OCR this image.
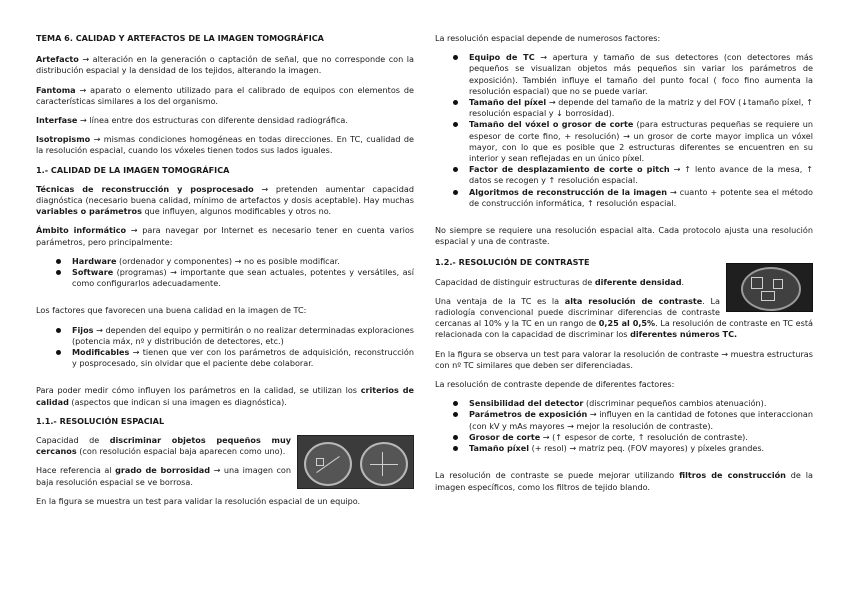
TEMA 6. CALIDAD Y ARTEFACTOS DE LA IMAGEN TOMOGRÁFICA

Artefacto → alteración en la generación o captación de señal, que no corresponde con la distribución espacial y la densidad de los tejidos, alterando la imagen.

Fantoma → aparato o elemento utilizado para el calibrado de equipos con elementos de características similares a los del organismo.

Interfase → línea entre dos estructuras con diferente densidad radiográfica.

Isotropismo → mismas condiciones homogéneas en todas direcciones. En TC, cualidad de la resolución espacial, cuando los vóxeles tienen todos sus lados iguales.

1.- CALIDAD DE LA IMAGEN TOMOGRÁFICA

Técnicas de reconstrucción y posprocesado → pretenden aumentar capacidad diagnóstica (necesario buena calidad, mínimo de artefactos y dosis aceptable). Hay muchas variables o parámetros que influyen, algunos modificables y otros no.

Ámbito informático → para navegar por Internet es necesario tener en cuenta varios parámetros, pero principalmente:

Hardware (ordenador y componentes) → no es posible modificar.
Software (programas) → importante que sean actuales, potentes y versátiles, así como configurarlos adecuadamente.

Los factores que favorecen una buena calidad en la imagen de TC:

Fijos → dependen del equipo y permitirán o no realizar determinadas exploraciones (potencia máx, nº y distribución de detectores, etc.)
Modificables → tienen que ver con los parámetros de adquisición, reconstrucción y posprocesado, sin olvidar que el paciente debe colaborar.

Para poder medir cómo influyen los parámetros en la calidad, se utilizan los criterios de calidad (aspectos que indican si una imagen es diagnóstica).

1.1.- RESOLUCIÓN ESPACIAL

Capacidad de discriminar objetos pequeños muy cercanos (con resolución espacial baja aparecen como uno).

Hace referencia al grado de borrosidad → una imagen con baja resolución espacial se ve borrosa.

En la figura se muestra un test para validar la resolución espacial de un equipo.

La resolución espacial depende de numerosos factores:

Equipo de TC → apertura y tamaño de sus detectores (con detectores más pequeños se visualizan objetos más pequeños sin variar los parámetros de exposición). También influye el tamaño del punto focal ( foco fino aumenta la resolución espacial) que no se puede variar.
Tamaño del píxel → depende del tamaño de la matriz y del FOV (↓tamaño píxel, ↑ resolución espacial y ↓ borrosidad).
Tamaño del vóxel o grosor de corte (para estructuras pequeñas se requiere un espesor de corte fino, + resolución) → un grosor de corte mayor implica un vóxel mayor, con lo que es posible que 2 estructuras diferentes se encuentren en su interior y sean reflejadas en un único píxel.
Factor de desplazamiento de corte o pitch → ↑ lento avance de la mesa, ↑ datos se recogen y ↑ resolución espacial.
Algoritmos de reconstrucción de la imagen → cuanto + potente sea el método de construcción informática, ↑ resolución espacial.

No siempre se requiere una resolución espacial alta. Cada protocolo ajusta una resolución espacial y una de contraste.

1.2.- RESOLUCIÓN DE CONTRASTE

Capacidad de distinguir estructuras de diferente densidad.

Una ventaja de la TC es la alta resolución de contraste. La radiología convencional puede discriminar diferencias de contraste cercanas al 10% y la TC en un rango de 0,25 al 0,5%. La resolución de contraste en TC está relacionada con la capacidad de discriminar los diferentes números TC.

En la figura se observa un test para valorar la resolución de contraste → muestra estructuras con nº TC similares que deben ser diferenciadas.

La resolución de contraste depende de diferentes factores:

Sensibilidad del detector (discriminar pequeños cambios atenuación).
Parámetros de exposición → influyen en la cantidad de fotones que interaccionan (con kV y mAs mayores → mejor la resolución de contraste).
Grosor de corte → (↑ espesor de corte, ↑ resolución de contraste).
Tamaño píxel (+ resol) → matriz peq. (FOV mayores) y píxeles grandes.

La resolución de contraste se puede mejorar utilizando filtros de construcción de la imagen específicos, como los filtros de tejido blando.
